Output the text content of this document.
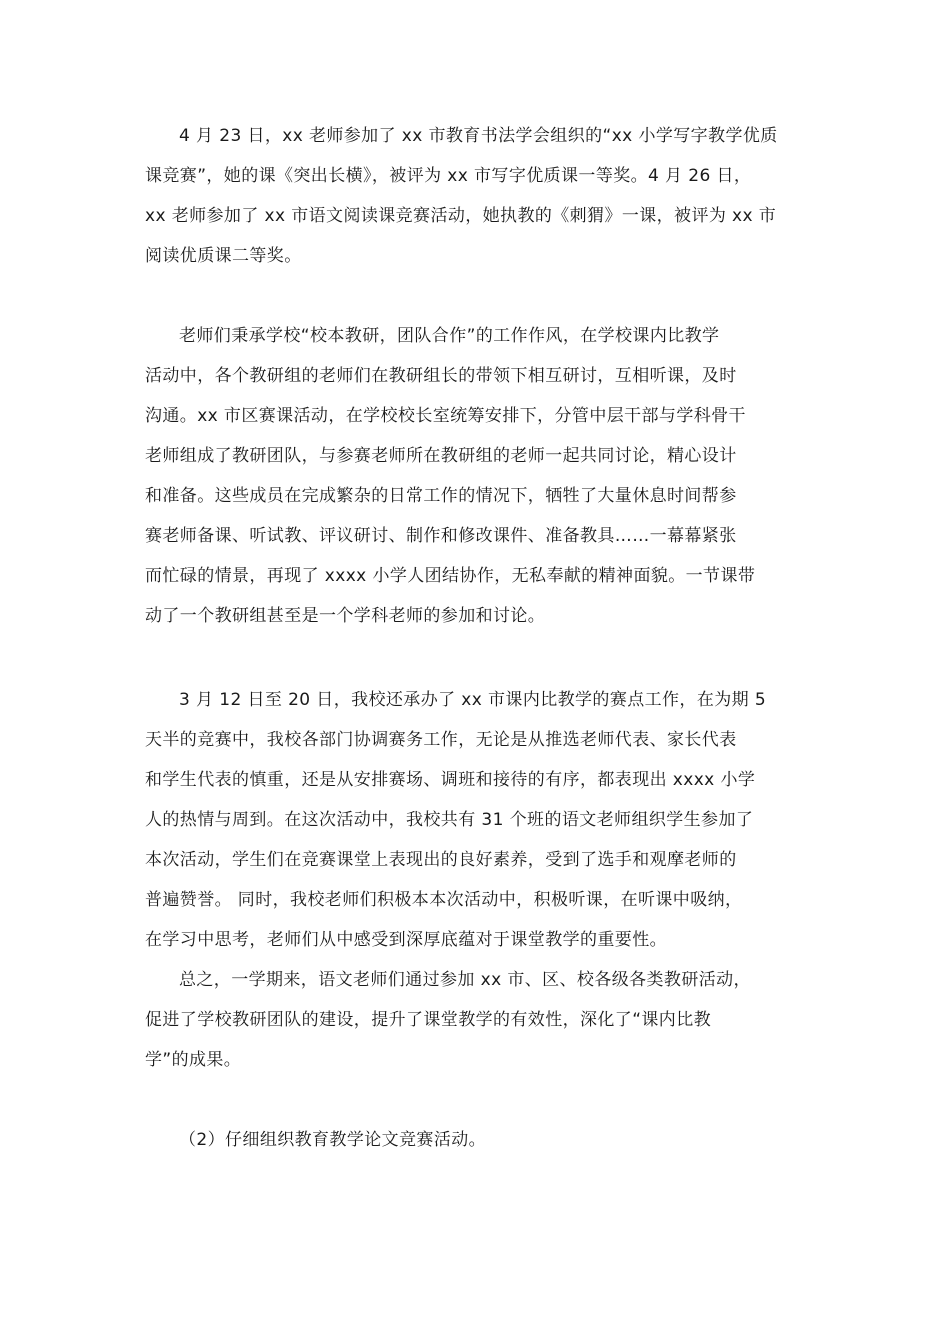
4 月 23 日，xx 老师参加了 xx 市教育书法学会组织的“xx 小学写字教学优质
课竞赛”，她的课《突出长横》，被评为 xx 市写字优质课一等奖。4 月 26 日，
xx 老师参加了 xx 市语文阅读课竞赛活动，她执教的《刺猬》一课，被评为 xx 市
阅读优质课二等奖。
老师们秉承学校“校本教研，团队合作”的工作作风，在学校课内比教学
活动中，各个教研组的老师们在教研组长的带领下相互研讨，互相听课，及时
沟通。xx 市区赛课活动，在学校校长室统筹安排下，分管中层干部与学科骨干
老师组成了教研团队，与参赛老师所在教研组的老师一起共同讨论，精心设计
和准备。这些成员在完成繁杂的日常工作的情况下，牺牲了大量休息时间帮参
赛老师备课、听试教、评议研讨、制作和修改课件、准备教具……一幕幕紧张
而忙碌的情景，再现了 xxxx 小学人团结协作，无私奉献的精神面貌。一节课带
动了一个教研组甚至是一个学科老师的参加和讨论。
3 月 12 日至 20 日，我校还承办了 xx 市课内比教学的赛点工作，在为期 5
天半的竞赛中，我校各部门协调赛务工作，无论是从推选老师代表、家长代表
和学生代表的慎重，还是从安排赛场、调班和接待的有序，都表现出 xxxx 小学
人的热情与周到。在这次活动中，我校共有 31 个班的语文老师组织学生参加了
本次活动，学生们在竞赛课堂上表现出的良好素养，受到了选手和观摩老师的
普遍赞誉。 同时，我校老师们积极本本次活动中，积极听课，在听课中吸纳，
在学习中思考，老师们从中感受到深厚底蕴对于课堂教学的重要性。
总之，一学期来，语文老师们通过参加 xx 市、区、校各级各类教研活动，
促进了学校教研团队的建设，提升了课堂教学的有效性，深化了“课内比教
学”的成果。
（2）仔细组织教育教学论文竞赛活动。
